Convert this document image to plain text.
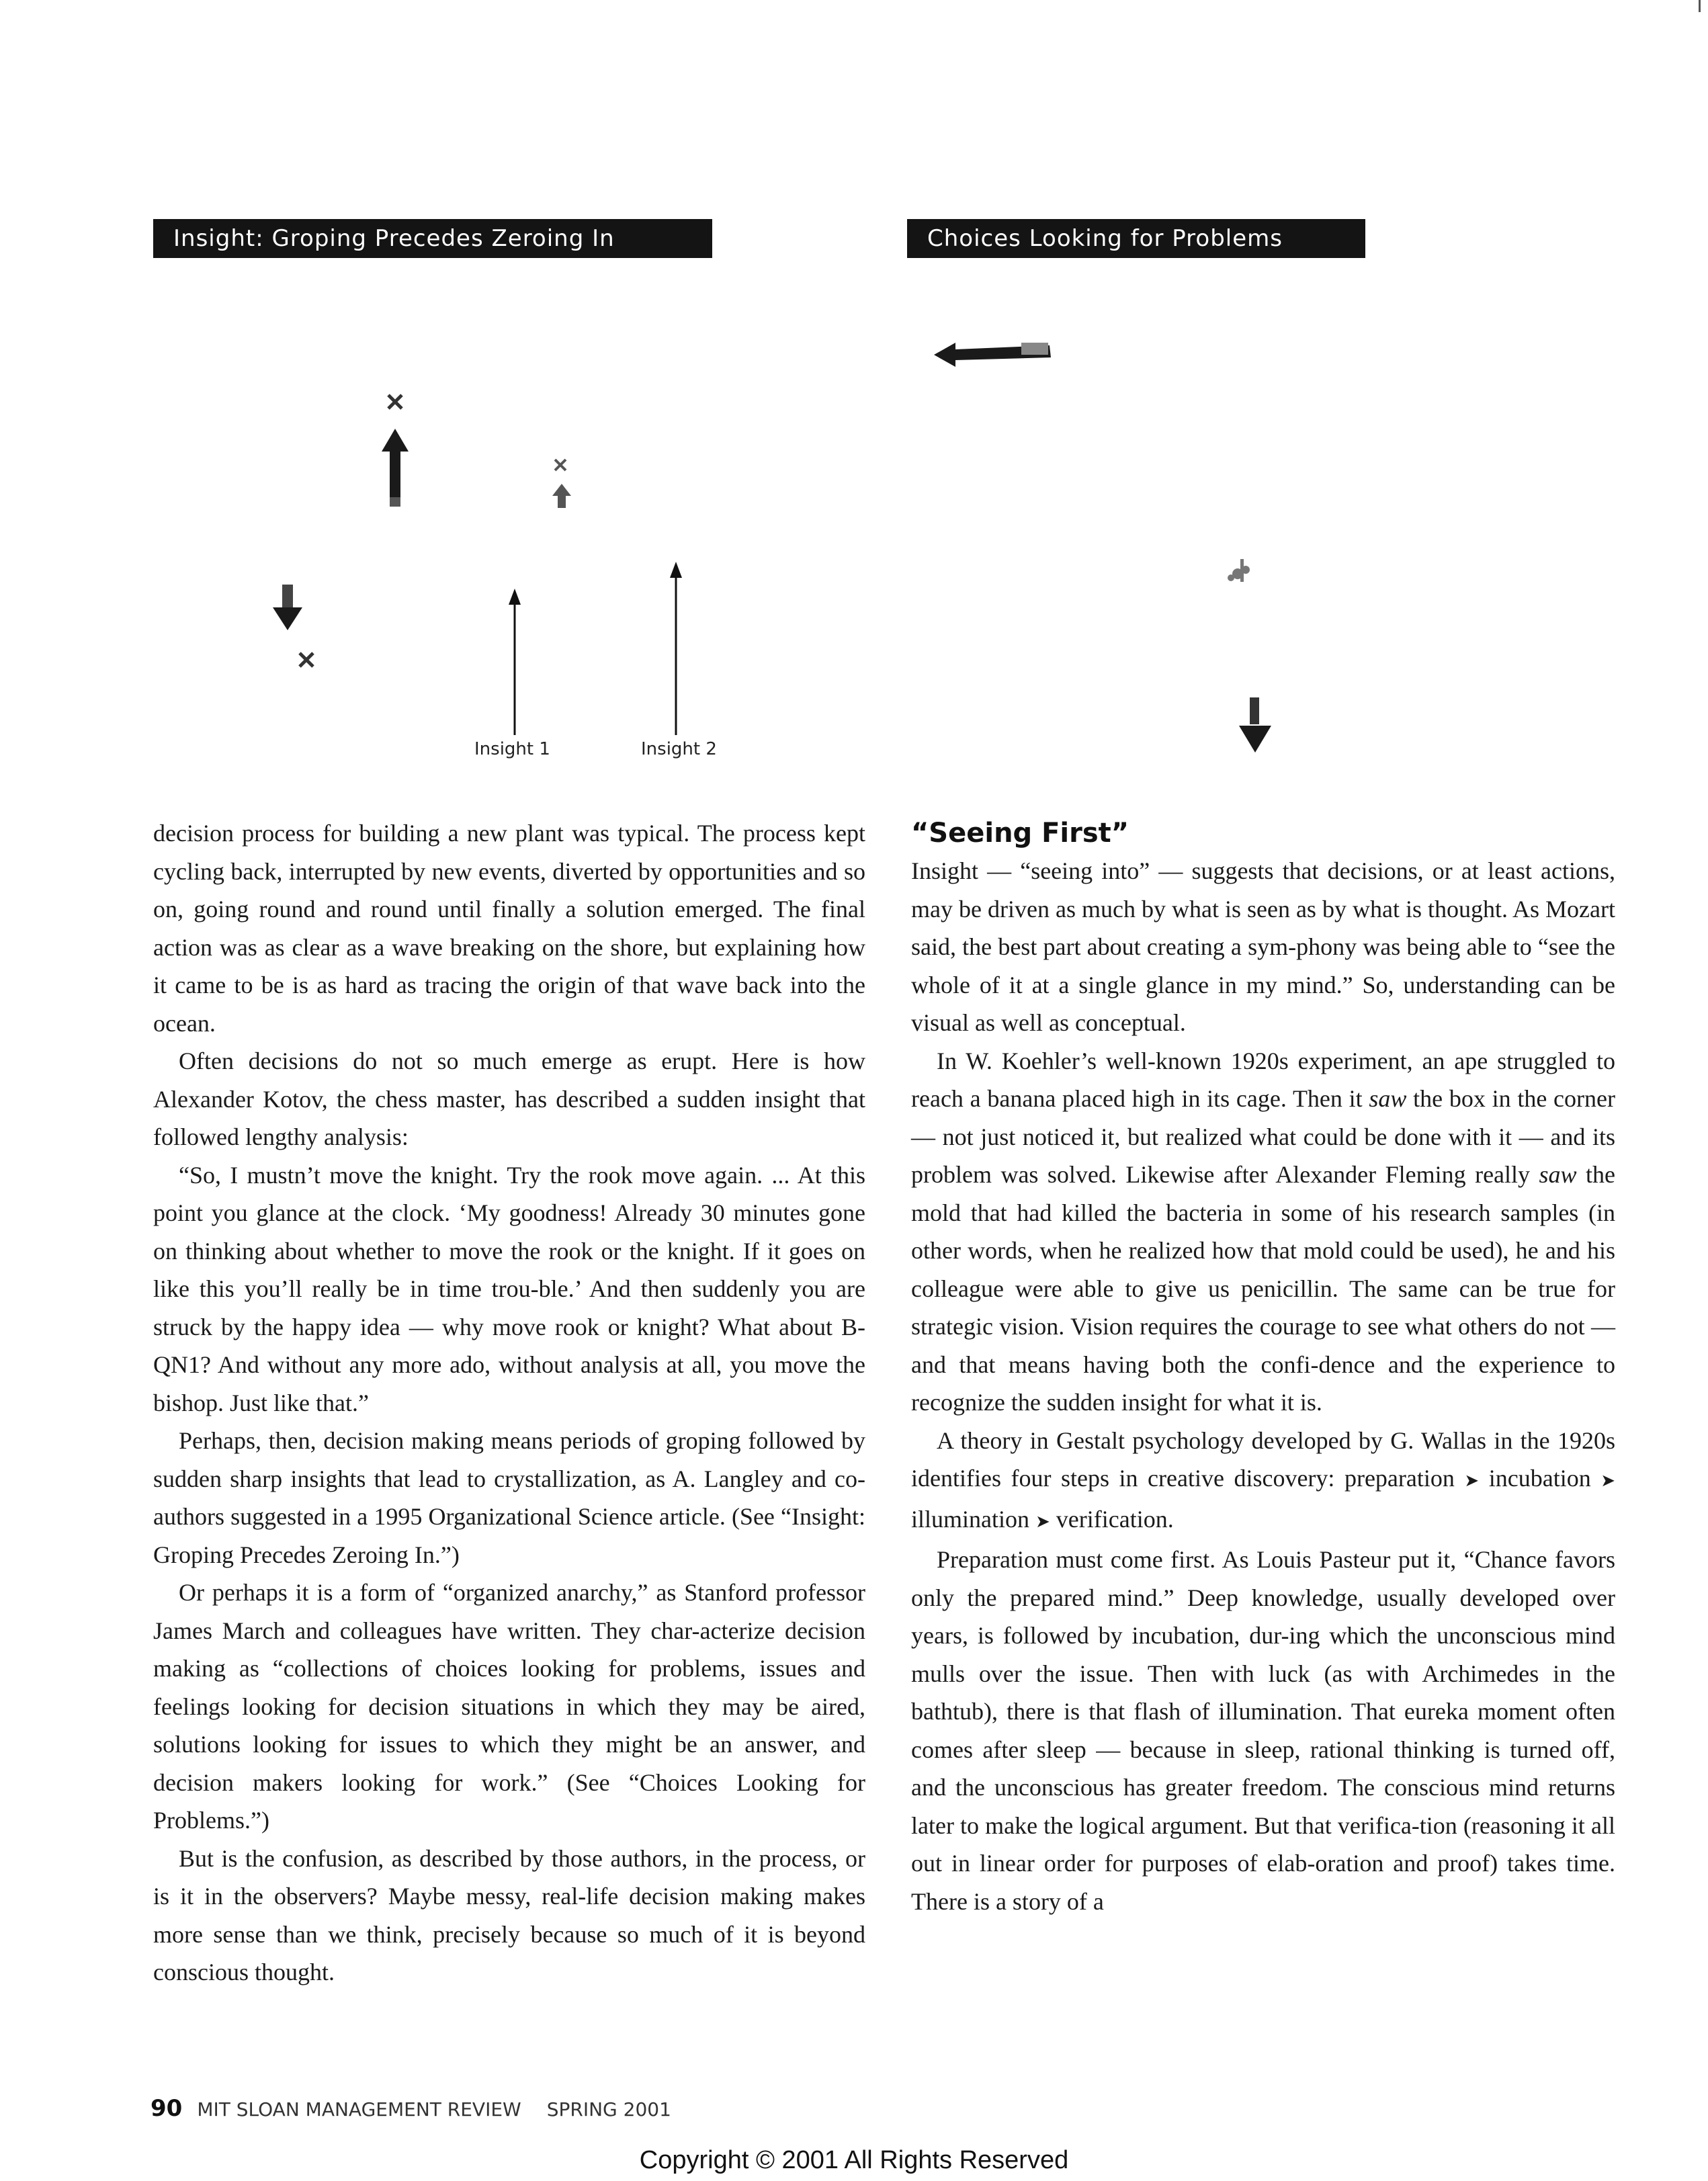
Insight: Groping Precedes Zeroing In	Choices Looking for Problems
Insight 1	Insight 2

decision process for building a new plant was typical. The process kept cycling back, interrupted by new events, diverted by opportunities and so on, going round and round until finally a solution emerged. The final action was as clear as a wave breaking on the shore, but explaining how it came to be is as hard as tracing the origin of that wave back into the ocean.

Often decisions do not so much emerge as erupt. Here is how Alexander Kotov, the chess master, has described a sudden insight that followed lengthy analysis:

“So, I mustn’t move the knight. Try the rook move again. ... At this point you glance at the clock. ‘My goodness! Already 30 minutes gone on thinking about whether to move the rook or the knight. If it goes on like this you’ll really be in time trou-ble.’ And then suddenly you are struck by the happy idea — why move rook or knight? What about B-QN1? And without any more ado, without analysis at all, you move the bishop. Just like that.”

Perhaps, then, decision making means periods of groping followed by sudden sharp insights that lead to crystallization, as A. Langley and co-authors suggested in a 1995 Organizational Science article. (See “Insight: Groping Precedes Zeroing In.”)

Or perhaps it is a form of “organized anarchy,” as Stanford professor James March and colleagues have written. They char-acterize decision making as “collections of choices looking for problems, issues and feelings looking for decision situations in which they may be aired, solutions looking for issues to which they might be an answer, and decision makers looking for work.” (See “Choices Looking for Problems.”)

But is the confusion, as described by those authors, in the process, or is it in the observers? Maybe messy, real-life decision making makes more sense than we think, precisely because so much of it is beyond conscious thought.

“Seeing First”

Insight — “seeing into” — suggests that decisions, or at least actions, may be driven as much by what is seen as by what is thought. As Mozart said, the best part about creating a sym-phony was being able to “see the whole of it at a single glance in my mind.” So, understanding can be visual as well as conceptual.

In W. Koehler’s well-known 1920s experiment, an ape struggled to reach a banana placed high in its cage. Then it saw the box in the corner — not just noticed it, but realized what could be done with it — and its problem was solved. Likewise after Alexander Fleming really saw the mold that had killed the bacteria in some of his research samples (in other words, when he realized how that mold could be used), he and his colleague were able to give us penicillin. The same can be true for strategic vision. Vision requires the courage to see what others do not — and that means having both the confi-dence and the experience to recognize the sudden insight for what it is.

A theory in Gestalt psychology developed by G. Wallas in the 1920s identifies four steps in creative discovery: preparation ➤ incubation ➤ illumination ➤ verification.

Preparation must come first. As Louis Pasteur put it, “Chance favors only the prepared mind.” Deep knowledge, usually developed over years, is followed by incubation, dur-ing which the unconscious mind mulls over the issue. Then with luck (as with Archimedes in the bathtub), there is that flash of illumination. That eureka moment often comes after sleep — because in sleep, rational thinking is turned off, and the unconscious has greater freedom. The conscious mind returns later to make the logical argument. But that verifica-tion (reasoning it all out in linear order for purposes of elab-oration and proof) takes time. There is a story of a

90 MIT SLOAN MANAGEMENT REVIEW SPRING 2001
Copyright © 2001 All Rights Reserved
